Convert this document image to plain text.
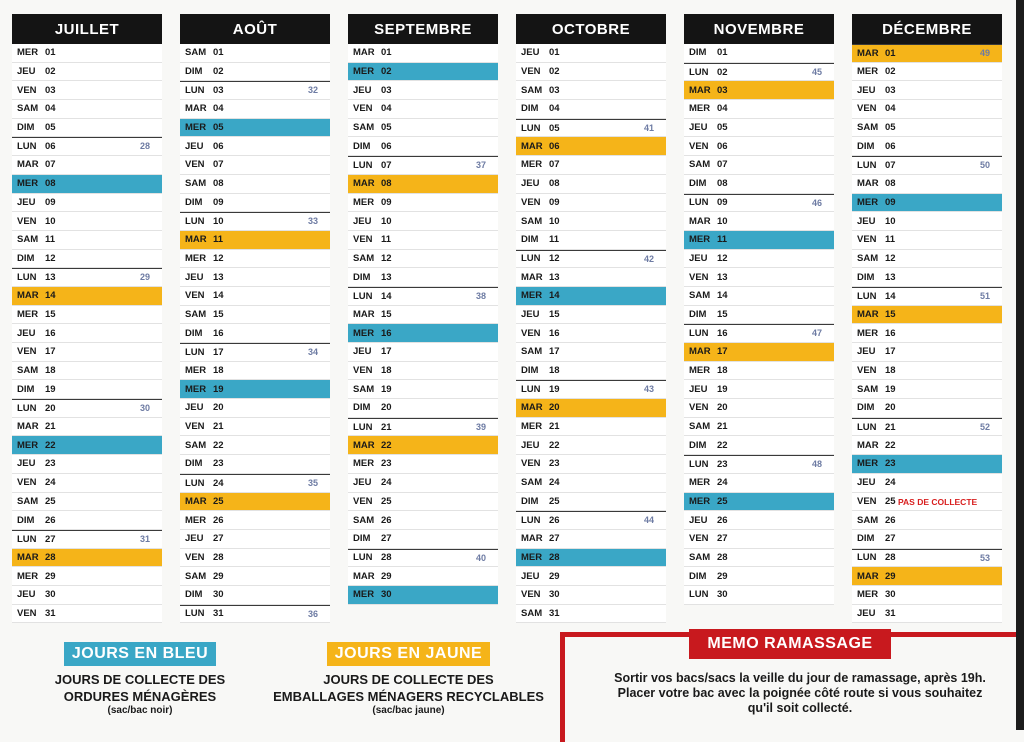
JUILLET
MER 01
JEU	02
VEN 03
SAM 04
DIM	05
LUN 06	28
MAR 07
MER 08
JEU	09
VEN 10
SAM 11
DIM	12
LUN 13	29
MAR 14
MER 15
JEU	16
VEN 17
SAM 18
DIM	19
LUN 20	30
MAR 21
MER 22
JEU	23
VEN 24
SAM 25
DIM	26
LUN 27	31
MAR 28
MER 29
JEU	30
VEN 31
AOÛT
SAM 01
DIM	02
LUN 03	32
MAR 04
MER 05
JEU	06
VEN 07
SAM 08
DIM	09
LUN 10	33
MAR 11
MER 12
JEU	13
VEN 14
SAM 15
DIM	16
LUN 17	34
MER 18
MER 19
JEU	20
VEN 21
SAM 22
DIM	23
LUN 24	35
MAR 25
MER 26
JEU	27
VEN 28
SAM 29
DIM	30
LUN 31	36
SEPTEMBRE
MAR 01
MER 02
JEU	03
VEN 04
SAM 05
DIM	06
LUN 07	37
MAR 08
MER 09
JEU	10
VEN 11
SAM 12
DIM	13
LUN 14	38
MAR 15
MER 16
JEU	17
VEN 18
SAM 19
DIM	20
LUN 21	39
MAR 22
MER 23
JEU	24
VEN 25
SAM 26
DIM	27
LUN 28	40
MAR 29
MER 30
OCTOBRE
JEU	01
VEN 02
SAM 03
DIM	04
LUN 05	41
MAR 06
MER 07
JEU	08
VEN 09
SAM 10
DIM	11
LUN 12	42
MAR 13
MER 14
JEU	15
VEN 16
SAM 17
DIM	18
LUN 19	43
MAR 20
MER 21
JEU	22
VEN 23
SAM 24
DIM	25
LUN 26	44
MAR 27
MER 28
JEU	29
VEN 30
SAM 31
NOVEMBRE
DIM	01
LUN 02	45
MAR 03
MER 04
JEU	05
VEN 06
SAM 07
DIM	08
LUN 09	46
MAR 10
MER 11
JEU	12
VEN 13
SAM 14
DIM	15
LUN 16	47
MAR 17
MER 18
JEU	19
VEN 20
SAM 21
DIM	22
LUN 23	48
MER 24
MER 25
JEU	26
VEN 27
SAM 28
DIM	29
LUN 30
DÉCEMBRE
MAR 01	49
MER 02
JEU	03
VEN 04
SAM 05
DIM	06
LUN 07	50
MAR 08
MER 09
JEU	10
VEN 11
SAM 12
DIM	13
LUN 14	51
MAR 15
MER 16
JEU	17
VEN 18
SAM 19
DIM	20
LUN 21	52
MAR 22
MER 23
JEU	24
VEN 25 PAS DE COLLECTE
SAM 26
DIM	27
LUN 28	53
MAR 29
MER 30
JEU	31
JOURS EN BLEU
JOURS DE COLLECTE DES
ORDURES MÉNAGÈRES
(sac/bac noir)
JOURS EN JAUNE
JOURS DE COLLECTE DES
EMBALLAGES MÉNAGERS RECYCLABLES
(sac/bac jaune)
MEMO RAMASSAGE
Sortir vos bacs/sacs la veille du jour de ramassage, après 19h.
Placer votre bac avec la poignée côté route si vous souhaitez
qu'il soit collecté.
